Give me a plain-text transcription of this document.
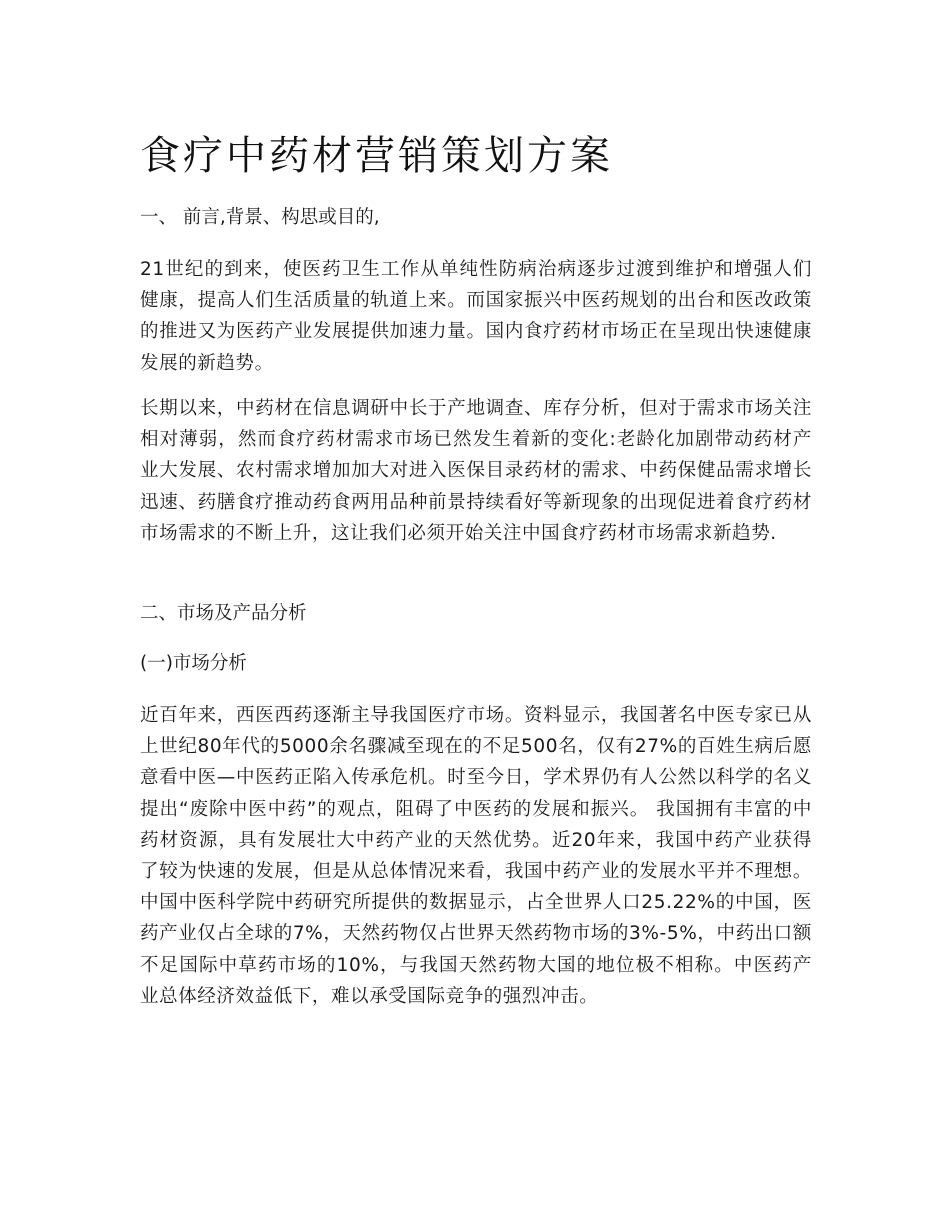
食疗中药材营销策划方案

一、 前言,背景、构思或目的,

21世纪的到来，使医药卫生工作从单纯性防病治病逐步过渡到维护和增强人们健康，提高人们生活质量的轨道上来。而国家振兴中医药规划的出台和医改政策的推进又为医药产业发展提供加速力量。国内食疗药材市场正在呈现出快速健康发展的新趋势。

长期以来，中药材在信息调研中长于产地调查、库存分析，但对于需求市场关注相对薄弱，然而食疗药材需求市场已然发生着新的变化:老龄化加剧带动药材产业大发展、农村需求增加加大对进入医保目录药材的需求、中药保健品需求增长迅速、药膳食疗推动药食两用品种前景持续看好等新现象的出现促进着食疗药材市场需求的不断上升，这让我们必须开始关注中国食疗药材市场需求新趋势.

二、市场及产品分析

(一)市场分析

近百年来，西医西药逐渐主导我国医疗市场。资料显示，我国著名中医专家已从上世纪80年代的5000余名骤减至现在的不足500名，仅有27%的百姓生病后愿意看中医—中医药正陷入传承危机。时至今日，学术界仍有人公然以科学的名义提出“废除中医中药”的观点，阻碍了中医药的发展和振兴。 我国拥有丰富的中药材资源，具有发展壮大中药产业的天然优势。近20年来，我国中药产业获得了较为快速的发展，但是从总体情况来看，我国中药产业的发展水平并不理想。中国中医科学院中药研究所提供的数据显示，占全世界人口25.22%的中国，医药产业仅占全球的7%，天然药物仅占世界天然药物市场的3%-5%，中药出口额不足国际中草药市场的10%，与我国天然药物大国的地位极不相称。中医药产业总体经济效益低下，难以承受国际竞争的强烈冲击。
